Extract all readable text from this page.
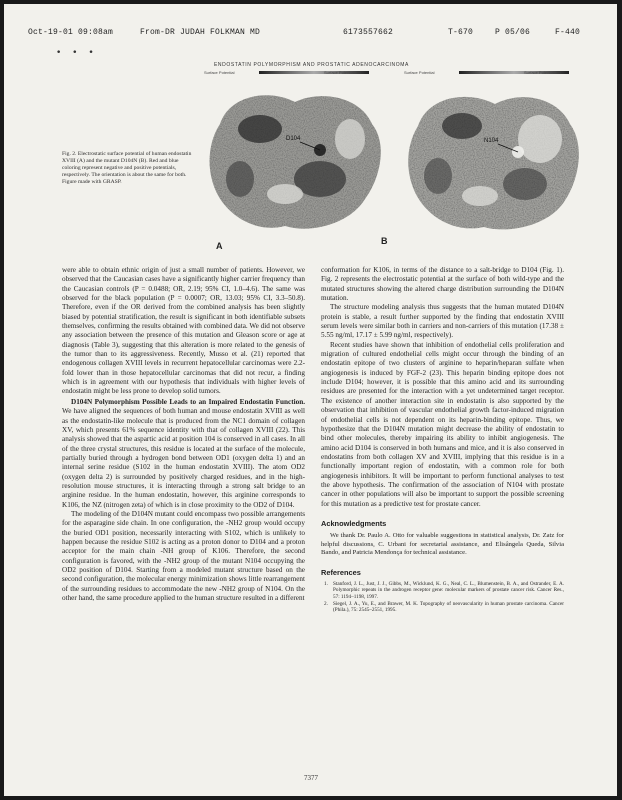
Oct-19-01 09:08am	From-DR JUDAH FOLKMAN MD	6173557662	T-670	P 05/06	F-440
• • •
ENDOSTATIN POLYMORPHISM AND PROSTATIC ADENOCARCINOMA
Surface Potential	Surface Potential	Surface Potential	Surface Potential
D104
A
N104
B
Fig. 2. Electrostatic surface potential of human endostatin XVIII (A) and the mutant D104N (B). Red and blue coloring represent negative and positive potentials, respectively. The orientation is about the same for both. Figure made with GRASP.

were able to obtain ethnic origin of just a small number of patients. However, we observed that the Caucasian cases have a significantly higher carrier frequency than the Caucasian controls (P = 0.0488; OR, 2.19; 95% CI, 1.0–4.6). The same was observed for the black population (P = 0.0007; OR, 13.03; 95% CI, 3.3–50.8). Therefore, even if the OR derived from the combined analysis has been slightly biased by potential stratification, the result is significant in both identifiable subsets themselves, confirming the results obtained with combined data. We did not observe any association between the presence of this mutation and Gleason score or age at diagnosis (Table 3), suggesting that this alteration is more related to the genesis of the tumor than to its aggressiveness. Recently, Musso et al. (21) reported that endogenous collagen XVIII levels in recurrent hepatocellular carcinomas were 2.2-fold lower than in those hepatocellular carcinomas that did not recur, a finding which is in agreement with our hypothesis that individuals with higher levels of endostatin might be less prone to develop solid tumors.

D104N Polymorphism Possible Leads to an Impaired Endostatin Function. We have aligned the sequences of both human and mouse endostatin XVIII as well as the endostatin-like molecule that is produced from the NC1 domain of collagen XV, which presents 61% sequence identity with that of collagen XVIII (22). This analysis showed that the aspartic acid at position 104 is conserved in all cases. In all of the three crystal structures, this residue is located at the surface of the molecule, partially buried through a hydrogen bond between OD1 (oxygen delta 1) and an internal serine residue (S102 in the human endostatin XVIII). The atom OD2 (oxygen delta 2) is surrounded by positively charged residues, and in the high-resolution mouse structures, it is interacting through a strong salt bridge to an arginine residue. In the human endostatin, however, this arginine corresponds to K106, the NZ (nitrogen zeta) of which is in close proximity to the OD2 of D104.

The modeling of the D104N mutant could encompass two possible arrangements for the asparagine side chain. In one configuration, the -NH2 group would occupy the buried OD1 position, necessarily interacting with S102, which is unlikely to happen because the residue S102 is acting as a proton donor to D104 and a proton acceptor for the main chain -NH group of K106. Therefore, the second configuration is favored, with the -NH2 group of the mutant N104 occupying the OD2 position of D104. Starting from a modeled mutant structure based on the second configuration, the molecular energy minimization shows little rearrangement of the surrounding residues to accommodate the new -NH2 group of N104. On the other hand, the same procedure applied to the human structure resulted in a different

conformation for K106, in terms of the distance to a salt-bridge to D104 (Fig. 1). Fig. 2 represents the electrostatic potential at the surface of both wild-type and the mutated structures showing the altered charge distribution surrounding the D104N mutation.

The structure modeling analysis thus suggests that the human mutated D104N protein is stable, a result further supported by the finding that endostatin XVIII serum levels were similar both in carriers and non-carriers of this mutation (17.38 ± 5.55 ng/ml, 17.17 ± 5.99 ng/ml, respectively).

Recent studies have shown that inhibition of endothelial cells proliferation and migration of cultured endothelial cells might occur through the binding of an endostatin epitope of two clusters of arginine to heparin/heparan sulfate when angiogenesis is induced by FGF-2 (23). This heparin binding epitope does not include D104; however, it is possible that this amino acid and its surrounding residues are presented for the interaction with a yet undetermined target receptor. The existence of another interaction site in endostatin is also supported by the observation that inhibition of vascular endothelial growth factor-induced migration of endothelial cells is not dependent on its heparin-binding epitope. Thus, we hypothesize that the D104N mutation might decrease the ability of endostatin to bind other molecules, thereby impairing its ability to inhibit angiogenesis. The amino acid D104 is conserved in both humans and mice, and it is also conserved in endostatins from both collagen XV and XVIII, implying that this residue is in a functionally important region of endostatin, with a common role for both angiogenesis inhibitors. It will be important to perform functional analyses to test the above hypothesis. The confirmation of the association of N104 with prostate cancer in other populations will also be important to support the possible screening for this mutation as a predictive test for prostate cancer.

Acknowledgments

We thank Dr. Paulo A. Otto for valuable suggestions in statistical analysis, Dr. Zatz for helpful discussions, C. Urbani for secretarial assistance, and Elisângela Queda, Silvia Bando, and Patricia Mendonça for technical assistance.

References
1. Stanford, J. L., Just, J. J., Gibbs, M., Wicklund, K. G., Neal, C. L., Blumenstein, B. A., and Ostrander, E. A. Polymorphic repeats in the androgen receptor gene: molecular markers of prostate cancer risk. Cancer Res., 57: 1194–1198, 1997.
2. Siegel, J. A., Yu, E., and Brawer, M. K. Topography of neovascularity in human prostate carcinoma. Cancer (Phila.), 75: 2545–2551, 1995.
7377
